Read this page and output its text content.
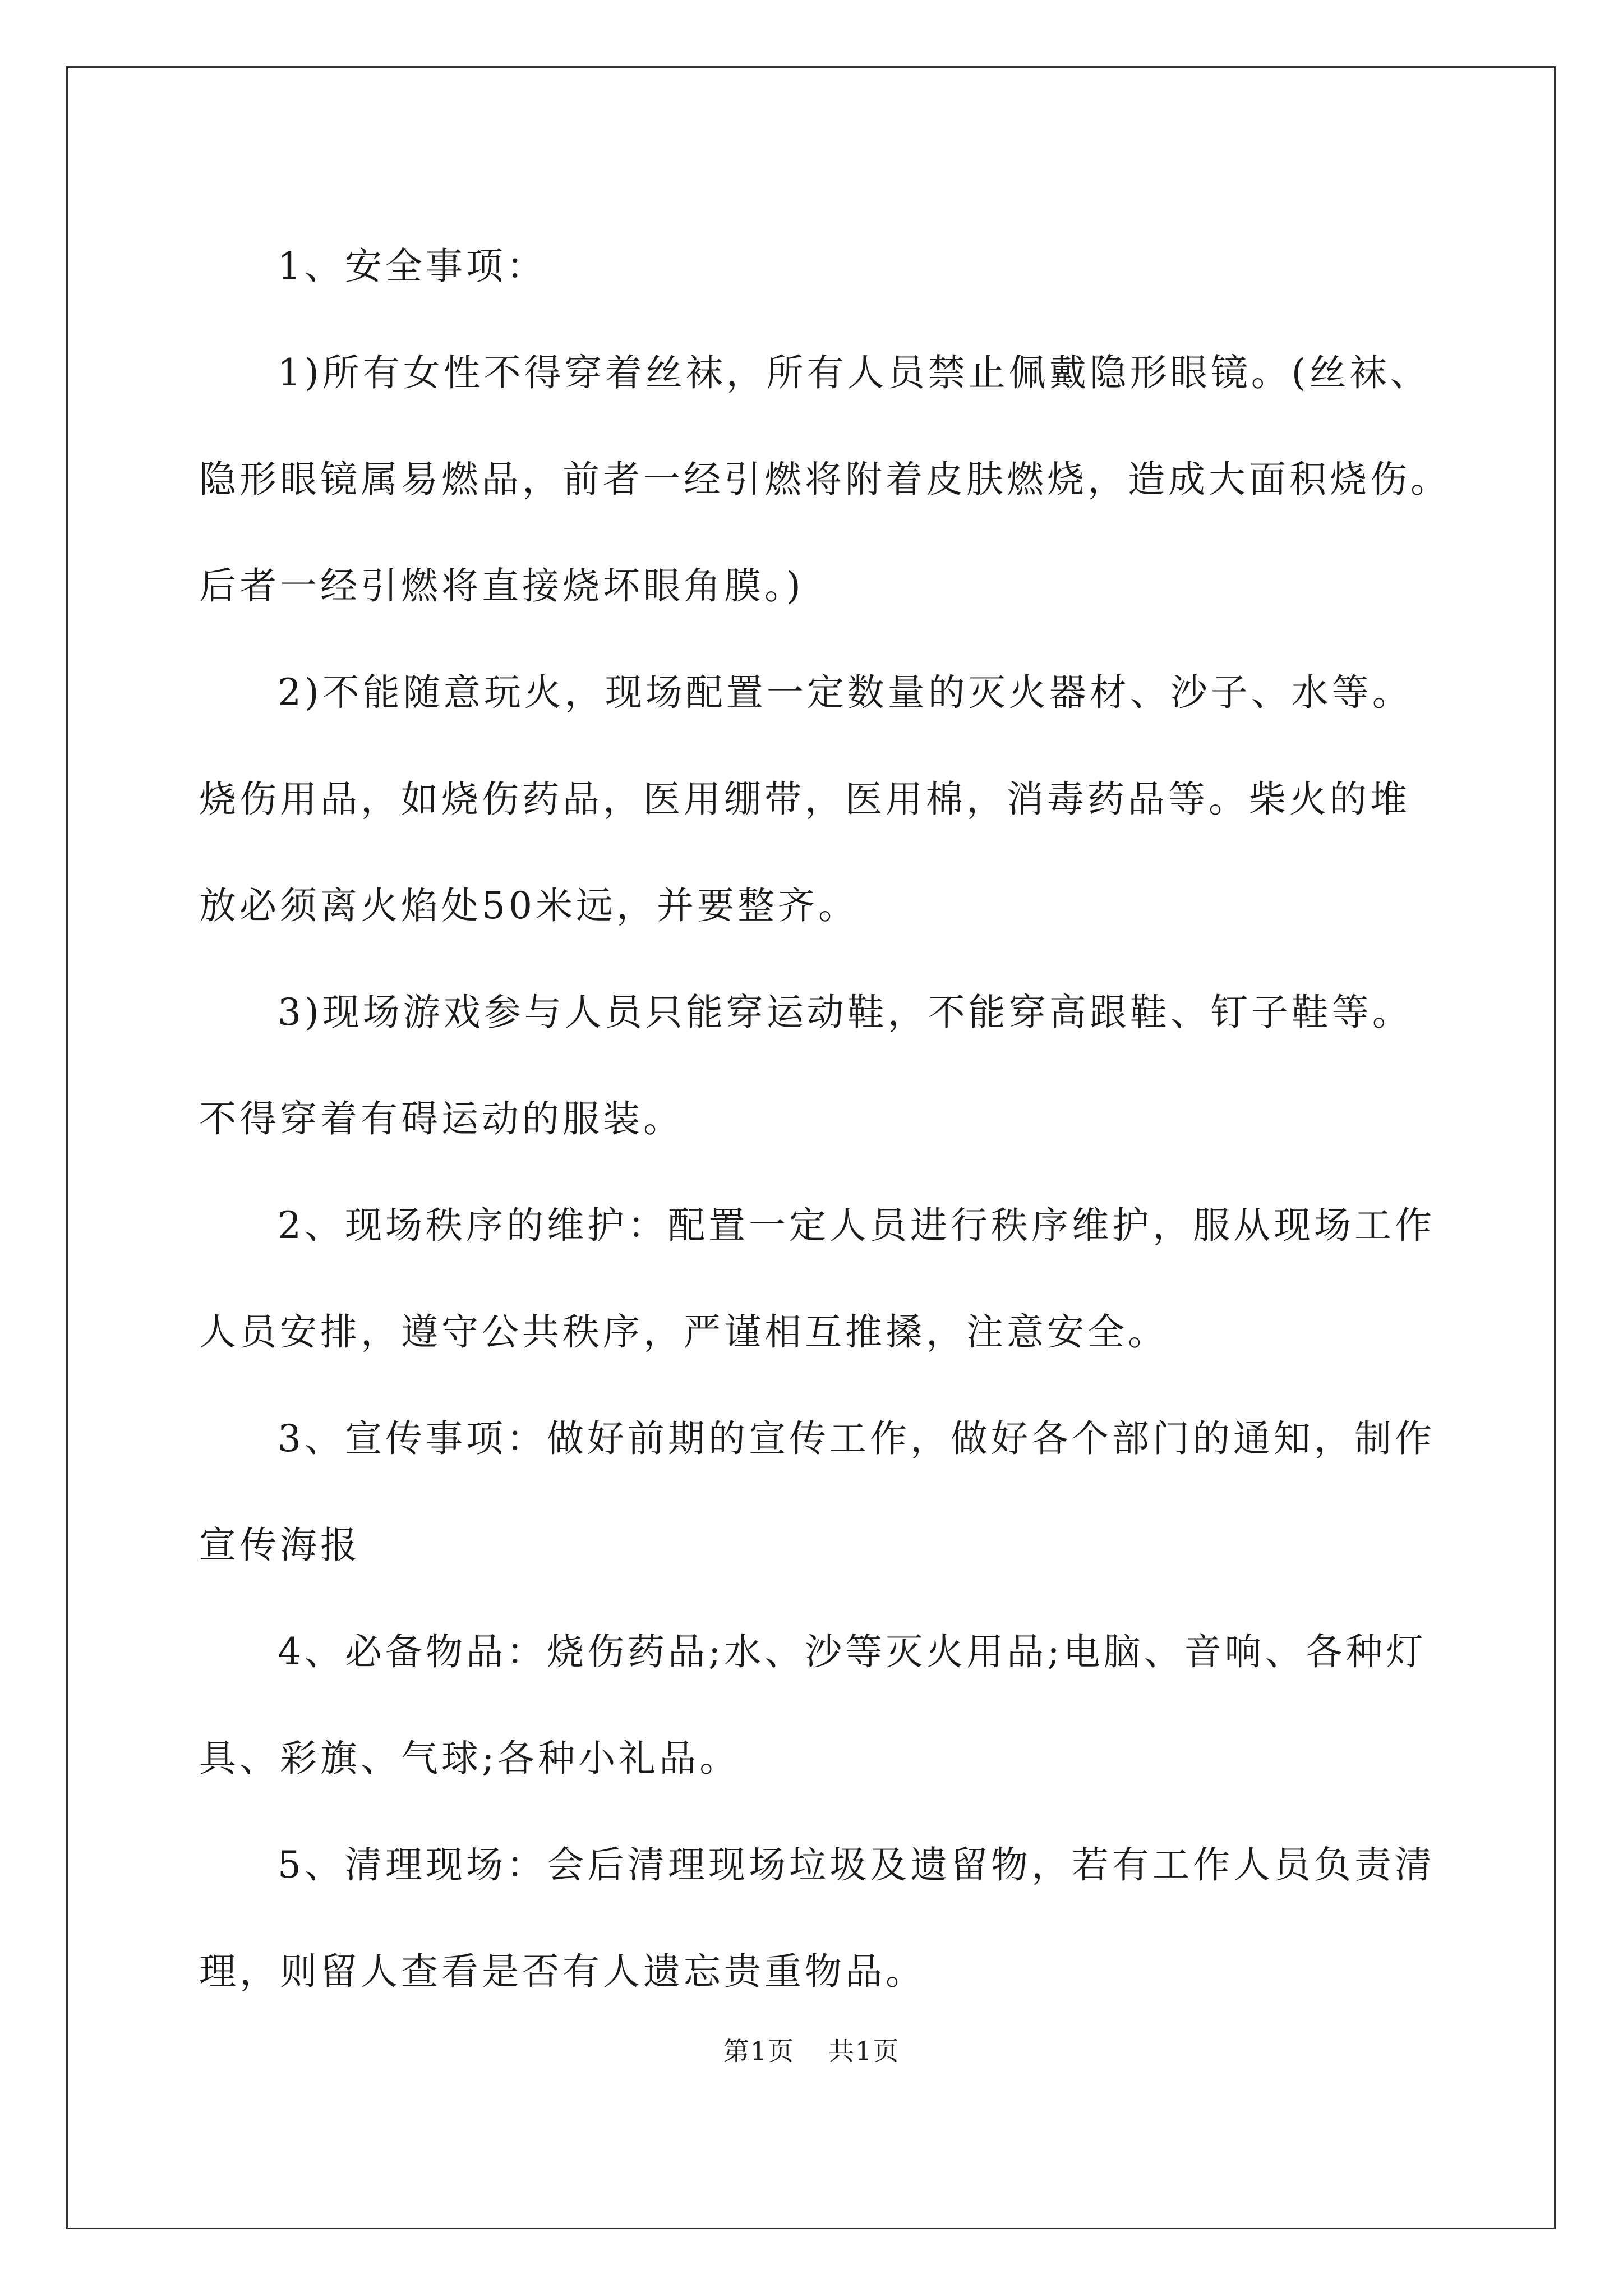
1、安全事项：

1)所有女性不得穿着丝袜，所有人员禁止佩戴隐形眼镜。(丝袜、
隐形眼镜属易燃品，前者一经引燃将附着皮肤燃烧，造成大面积烧伤。
后者一经引燃将直接烧坏眼角膜。)

2)不能随意玩火，现场配置一定数量的灭火器材、沙子、水等。
烧伤用品，如烧伤药品，医用绷带，医用棉，消毒药品等。柴火的堆
放必须离火焰处50米远，并要整齐。

3)现场游戏参与人员只能穿运动鞋，不能穿高跟鞋、钉子鞋等。
不得穿着有碍运动的服装。

2、现场秩序的维护：配置一定人员进行秩序维护，服从现场工作
人员安排，遵守公共秩序，严谨相互推搡，注意安全。

3、宣传事项：做好前期的宣传工作，做好各个部门的通知，制作
宣传海报

4、必备物品：烧伤药品;水、沙等灭火用品;电脑、音响、各种灯
具、彩旗、气球;各种小礼品。

5、清理现场：会后清理现场垃圾及遗留物，若有工作人员负责清
理，则留人查看是否有人遗忘贵重物品。

第1页 共1页
